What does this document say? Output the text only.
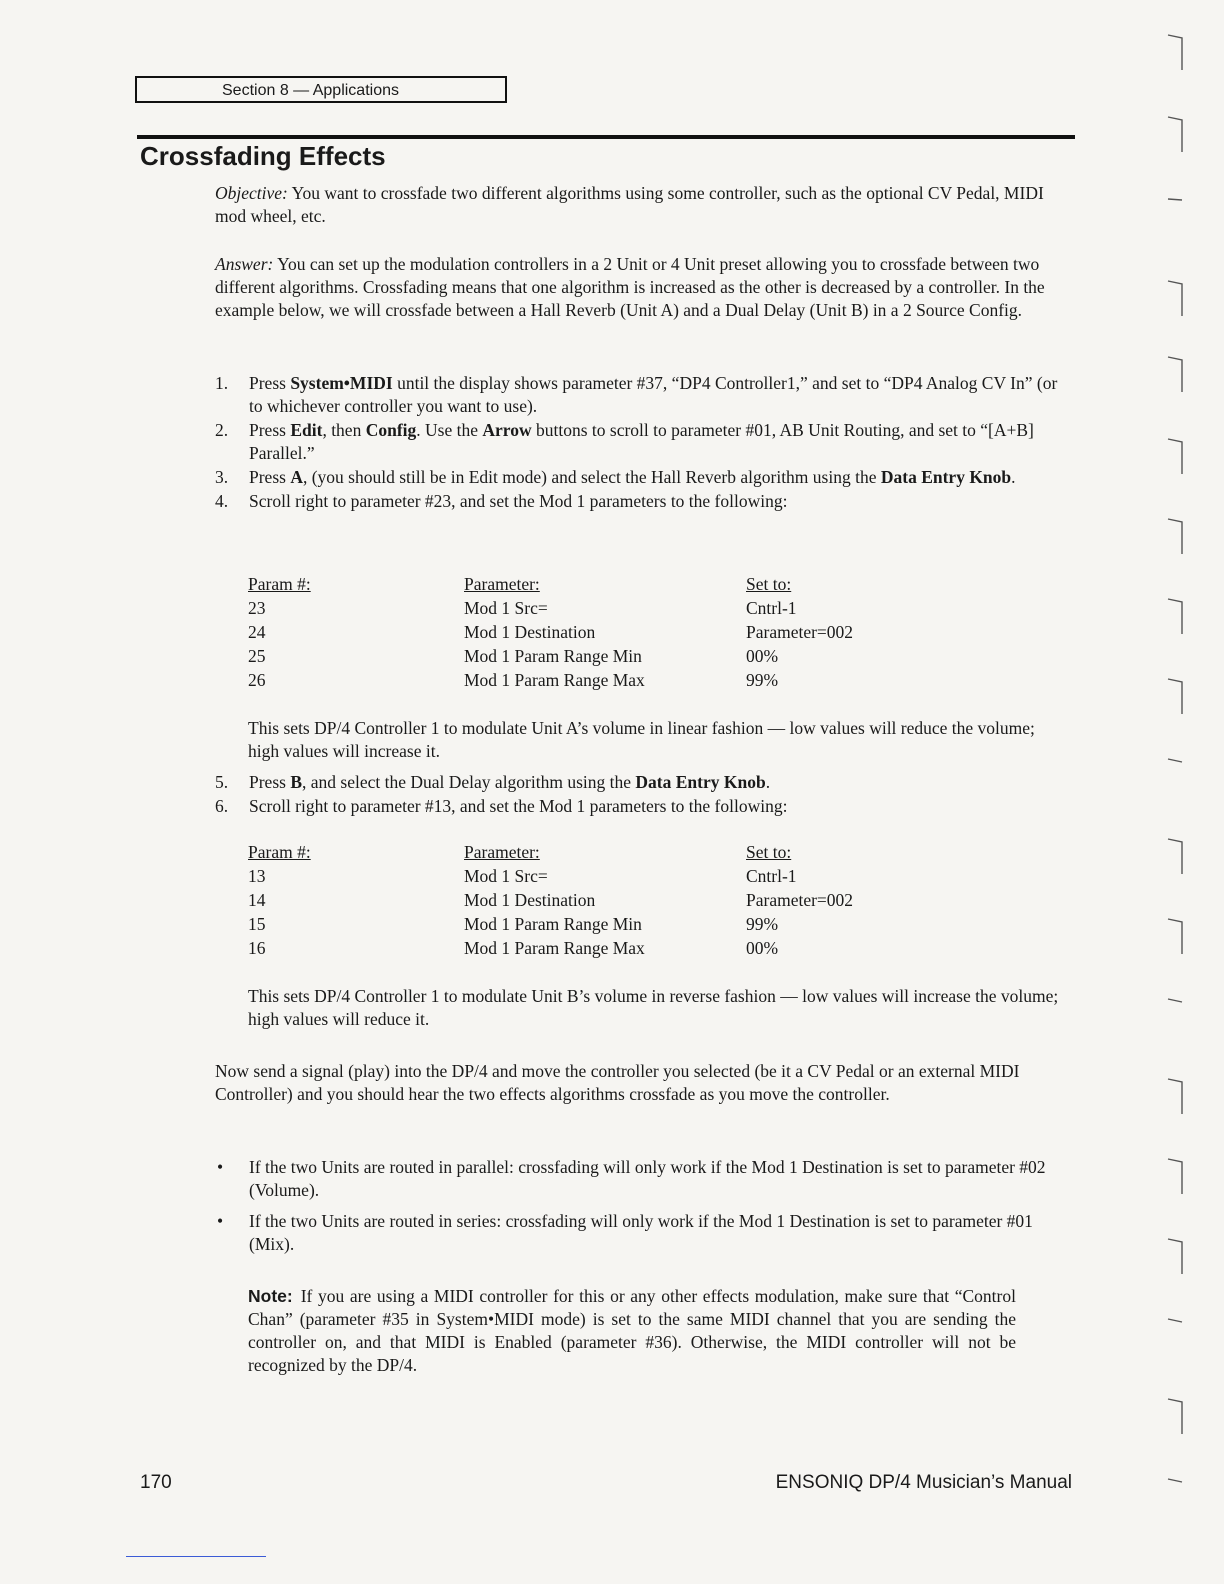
Section 8 — Applications
Crossfading Effects

Objective: You want to crossfade two different algorithms using some controller, such as the optional CV Pedal, MIDI mod wheel, etc.

Answer: You can set up the modulation controllers in a 2 Unit or 4 Unit preset allowing you to crossfade between two different algorithms. Crossfading means that one algorithm is increased as the other is decreased by a controller. In the example below, we will crossfade between a Hall Reverb (Unit A) and a Dual Delay (Unit B) in a 2 Source Config.

1. Press System•MIDI until the display shows parameter #37, “DP4 Controller1,” and set to “DP4 Analog CV In” (or to whichever controller you want to use).
2. Press Edit, then Config. Use the Arrow buttons to scroll to parameter #01, AB Unit Routing, and set to “[A+B] Parallel.”
3. Press A, (you should still be in Edit mode) and select the Hall Reverb algorithm using the Data Entry Knob.
4. Scroll right to parameter #23, and set the Mod 1 parameters to the following:
Param #:	Parameter:	Set to:
23	Mod 1 Src=	Cntrl-1
24	Mod 1 Destination	Parameter=002
25	Mod 1 Param Range Min	00%
26	Mod 1 Param Range Max	99%

This sets DP/4 Controller 1 to modulate Unit A’s volume in linear fashion — low values will reduce the volume; high values will increase it.

5. Press B, and select the Dual Delay algorithm using the Data Entry Knob.
6. Scroll right to parameter #13, and set the Mod 1 parameters to the following:
Param #:	Parameter:	Set to:
13	Mod 1 Src=	Cntrl-1
14	Mod 1 Destination	Parameter=002
15	Mod 1 Param Range Min	99%
16	Mod 1 Param Range Max	00%

This sets DP/4 Controller 1 to modulate Unit B’s volume in reverse fashion — low values will increase the volume; high values will reduce it.

Now send a signal (play) into the DP/4 and move the controller you selected (be it a CV Pedal or an external MIDI Controller) and you should hear the two effects algorithms crossfade as you move the controller.

• If the two Units are routed in parallel: crossfading will only work if the Mod 1 Destination is set to parameter #02 (Volume).
• If the two Units are routed in series: crossfading will only work if the Mod 1 Destination is set to parameter #01 (Mix).

Note: If you are using a MIDI controller for this or any other effects modulation, make sure that “Control Chan” (parameter #35 in System•MIDI mode) is set to the same MIDI channel that you are sending the controller on, and that MIDI is Enabled (parameter #36). Otherwise, the MIDI controller will not be recognized by the DP/4.

170	ENSONIQ DP/4 Musician’s Manual
